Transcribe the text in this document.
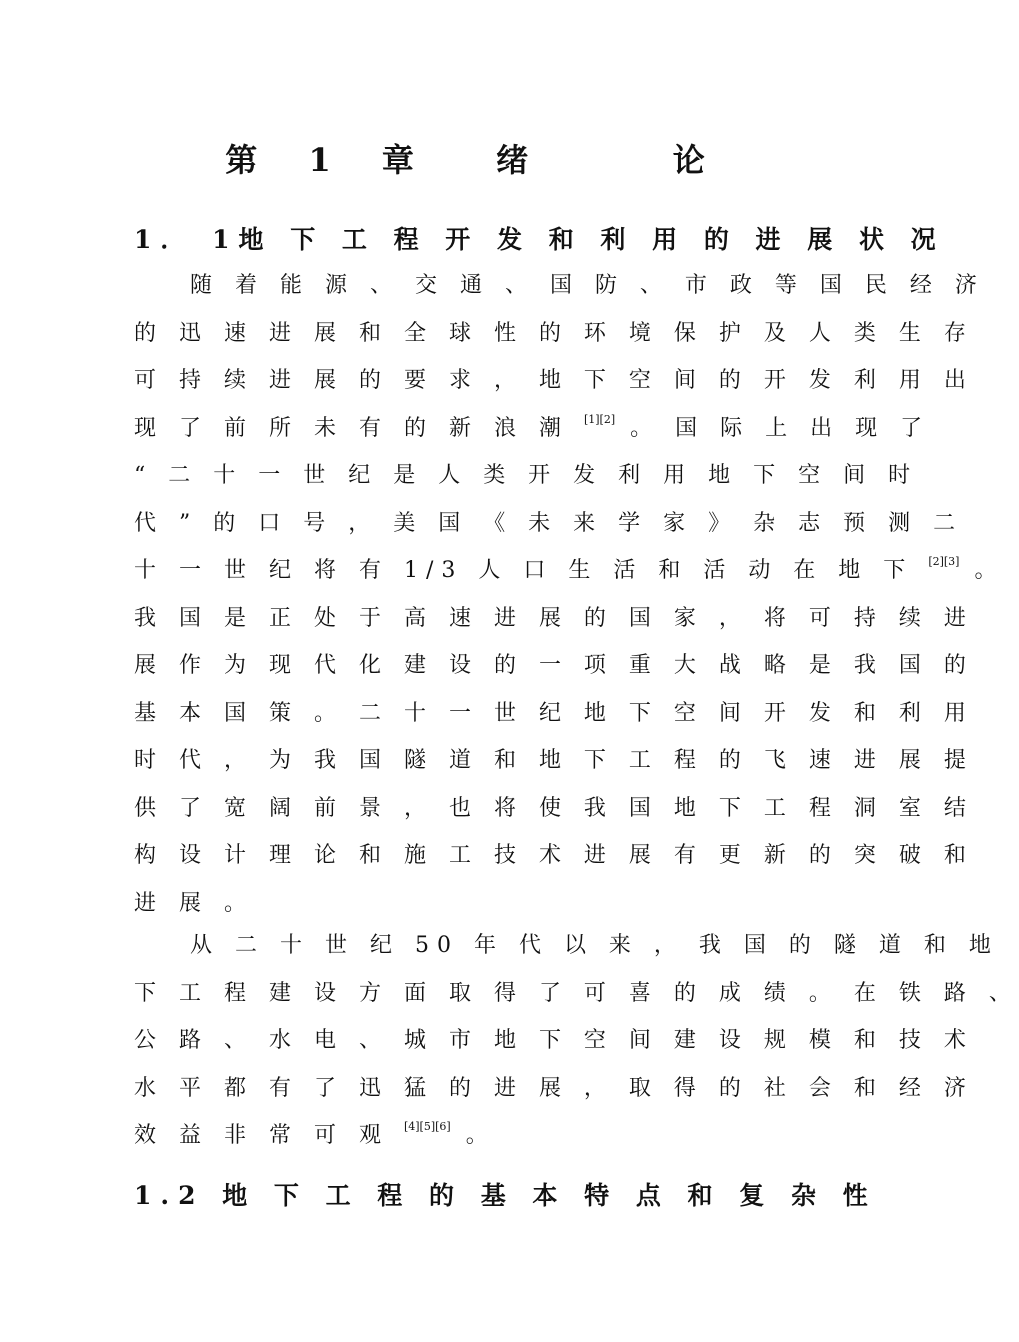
第 1 章  绪    论
1． 1地 下 工 程 开 发 和 利 用 的 进 展 状 况
随 着 能 源 、 交 通 、 国 防 、 市 政 等 国 民 经 济
的 迅 速 进 展 和 全 球 性 的 环 境 保 护 及 人 类 生 存
可 持 续 进 展 的 要 求 ， 地 下 空 间 的 开 发 利 用 出
现 了 前 所 未 有 的 新 浪 潮 [1][2] 。 国 际 上 出 现 了
“ 二 十 一 世 纪 是 人 类 开 发 利 用 地 下 空 间 时
代 ” 的 口 号 ， 美 国 《 未 来 学 家 》 杂 志 预 测 二
十 一 世 纪 将 有 1/3 人 口 生 活 和 活 动 在 地 下 [2][3] 。
我 国 是 正 处 于 高 速 进 展 的 国 家 ， 将 可 持 续 进
展 作 为 现 代 化 建 设 的 一 项 重 大 战 略 是 我 国 的
基 本 国 策 。 二 十 一 世 纪 地 下 空 间 开 发 和 利 用
时 代 ， 为 我 国 隧 道 和 地 下 工 程 的 飞 速 进 展 提
供 了 宽 阔 前 景 ， 也 将 使 我 国 地 下 工 程 洞 室 结
构 设 计 理 论 和 施 工 技 术 进 展 有 更 新 的 突 破 和
进 展 。
从 二 十 世 纪 50 年 代 以 来 ， 我 国 的 隧 道 和 地
下 工 程 建 设 方 面 取 得 了 可 喜 的 成 绩 。 在 铁 路 、
公 路 、 水 电 、 城 市 地 下 空 间 建 设 规 模 和 技 术
水 平 都 有 了 迅 猛 的 进 展 ， 取 得 的 社 会 和 经 济
效 益 非 常 可 观 [4][5][6] 。
1.2 地 下 工 程 的 基 本 特 点 和 复 杂 性
